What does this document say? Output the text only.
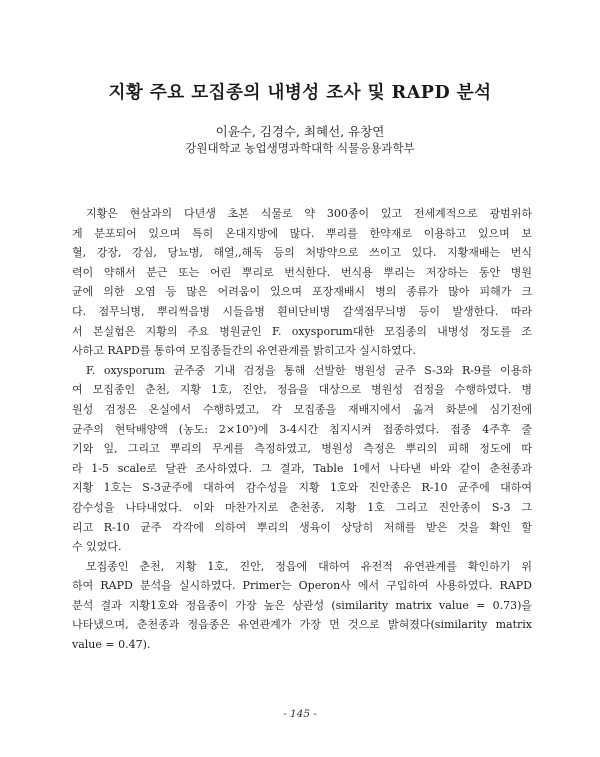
지황 주요 모집종의 내병성 조사 및 RAPD 분석
이윤수, 김경수, 최혜선, 유창연
강원대학교 농업생명과학대학 식물응용과학부
지황은 현삼과의 다년생 초본 식물로 약 300종이 있고 전세계적으로 광범위하
게 분포되어 있으며 특히 온대지방에 많다. 뿌리를 한약재로 이용하고 있으며 보
혈, 강장, 강심, 당뇨병, 해열,,해독 등의 처방약으로 쓰이고 있다. 지황재배는 번식
력이 약해서 분근 또는 어린 뿌리로 번식한다. 번식용 뿌리는 저장하는 동안 병원
균에 의한 오염 등 많은 어려움이 있으며 포장재배시 병의 종류가 많아 피해가 크
다. 점무늬병, 뿌리썩음병 시들음병 흰비단비병 갈색점무늬병 등이 발생한다. 따라
서 본실험은 지황의 주요 병원균인 F. oxysporum대한 모집종의 내병성 정도를 조
사하고 RAPD를 통하여 모집종들간의 유연관계를 밝히고자 실시하였다.
F. oxysporum 균주중 기내 검정을 통해 선발한 병원성 균주 S-3와 R-9를 이용하
여 모집종인 춘천, 지황 1호, 진안, 정읍을 대상으로 병원성 검정을 수행하였다. 병
원성 검정은 온실에서 수행하였고, 각 모집종을 재배지에서 옮겨 화분에 심기전에
균주의 현탁배양액 (농도: 2×10⁵)에 3-4시간 침지시켜 접종하였다. 접종 4주후 줄
기와 잎, 그리고 뿌리의 무게를 측정하였고, 병원성 측정은 뿌리의 피해 정도에 따
라 1-5 scale로 달관 조사하였다. 그 결과, Table 1에서 나타낸 바와 같이 춘천종과
지황 1호는 S-3균주에 대하여 감수성을 지황 1호와 진안종은 R-10 균주에 대하여
감수성을 나타내었다. 이와 마찬가지로 춘천종, 지황 1호 그리고 진안종이 S-3 그
리고 R-10 균주 각각에 의하여 뿌리의 생육이 상당히 저해를 받은 것을 확인 할
수 있었다.
모집종인 춘천, 지황 1호, 진안, 정읍에 대하여 유전적 유연관계를 확인하기 위
하여 RAPD 분석을 실시하였다. Primer는 Operon사 에서 구입하여 사용하였다. RAPD
분석 결과 지황1호와 정읍종이 가장 높은 상관성 (similarity matrix value = 0.73)을
나타냈으며, 춘천종과 정읍종은 유연관계가 가장 먼 것으로 밝혀졌다(similarity matrix
value = 0.47).
- 145 -
